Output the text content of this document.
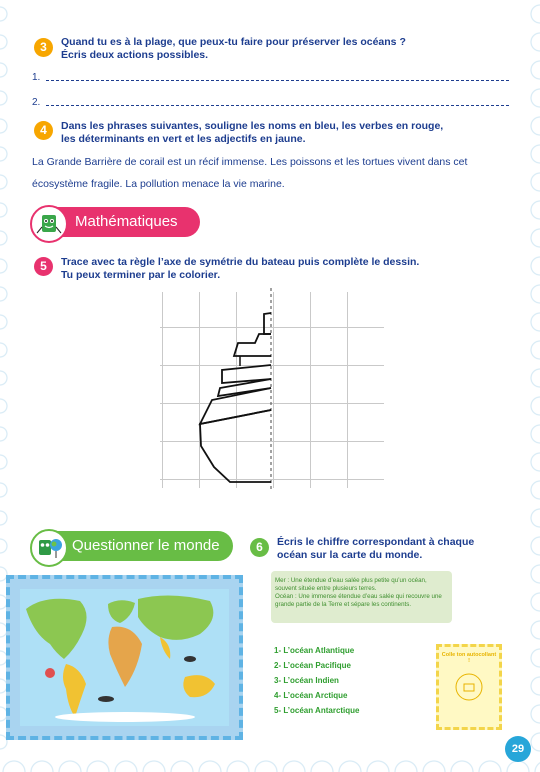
3	Quand tu es à la plage, que peux-tu faire pour préserver les océans ?
Écris deux actions possibles.
1.
2.
4	Dans les phrases suivantes, souligne les noms en bleu, les verbes en rouge,
les déterminants en vert et les adjectifs en jaune.
La Grande Barrière de corail est un récif immense. Les poissons et les tortues vivent dans cet écosystème fragile. La pollution menace la vie marine.
Mathématiques
5	Trace avec ta règle l’axe de symétrie du bateau puis complète le dessin.
Tu peux terminer par le colorier.
Questionner le monde	6	Écris le chiffre correspondant à chaque
océan sur la carte du monde.
Mer : Une étendue d’eau salée plus petite qu’un océan, souvent située entre plusieurs terres.
Océan : Une immense étendue d’eau salée qui recouvre une grande partie de la Terre et sépare les continents.
1- L’océan Atlantique
2- L’océan Pacifique
3- L’océan Indien
4- L’océan Arctique
5- L’océan Antarctique
Colle ton autocollant !
29
